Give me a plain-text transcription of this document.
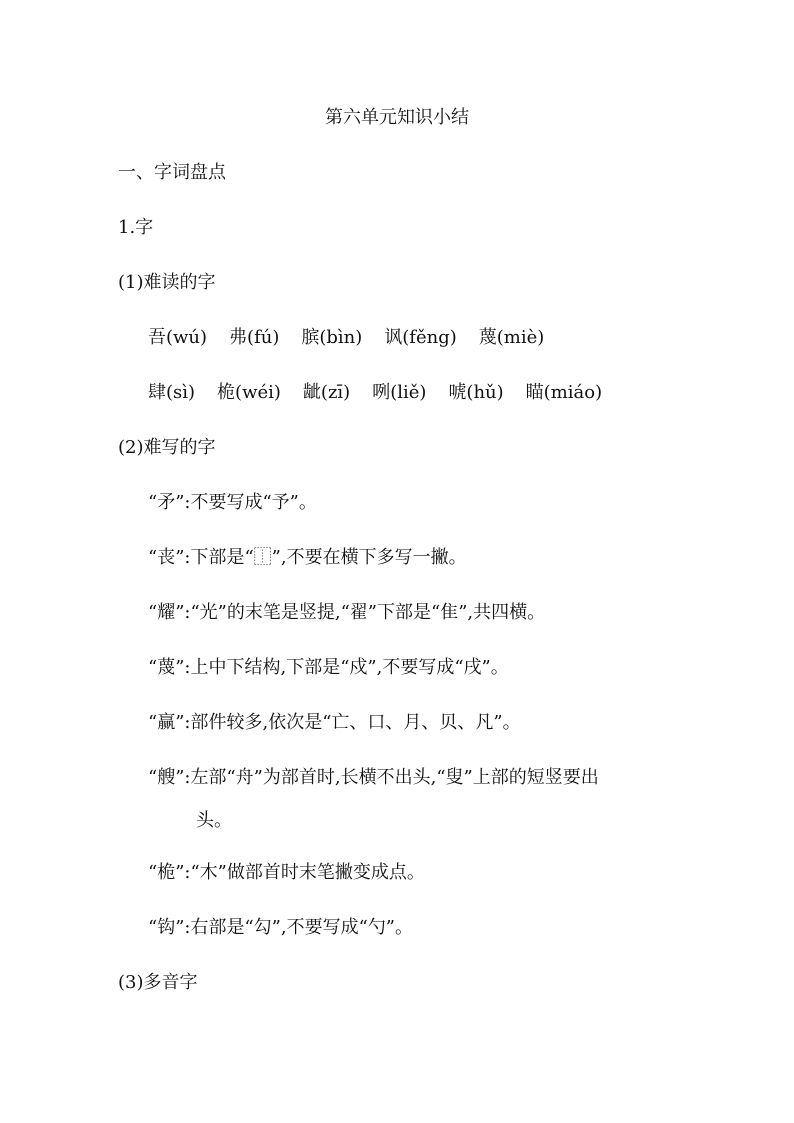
第六单元知识小结
一、字词盘点
1.字
(1)难读的字
吾(wú) 弗(fú) 膑(bìn) 讽(fěng) 蔑(miè)
肆(sì) 桅(wéi) 龇(zī) 咧(liě) 唬(hǔ) 瞄(miáo)
(2)难写的字
“矛”:不要写成“予”。
“丧”:下部是“⿰”,不要在横下多写一撇。
“耀”:“光”的末笔是竖提,“翟”下部是“隹”,共四横。
“蔑”:上中下结构,下部是“戍”,不要写成“戌”。
“赢”:部件较多,依次是“亡、口、月、贝、凡”。
“艘”:左部“舟”为部首时,长横不出头,“叟”上部的短竖要出
头。
“桅”:“木”做部首时末笔撇变成点。
“钩”:右部是“勾”,不要写成“勺”。
(3)多音字
